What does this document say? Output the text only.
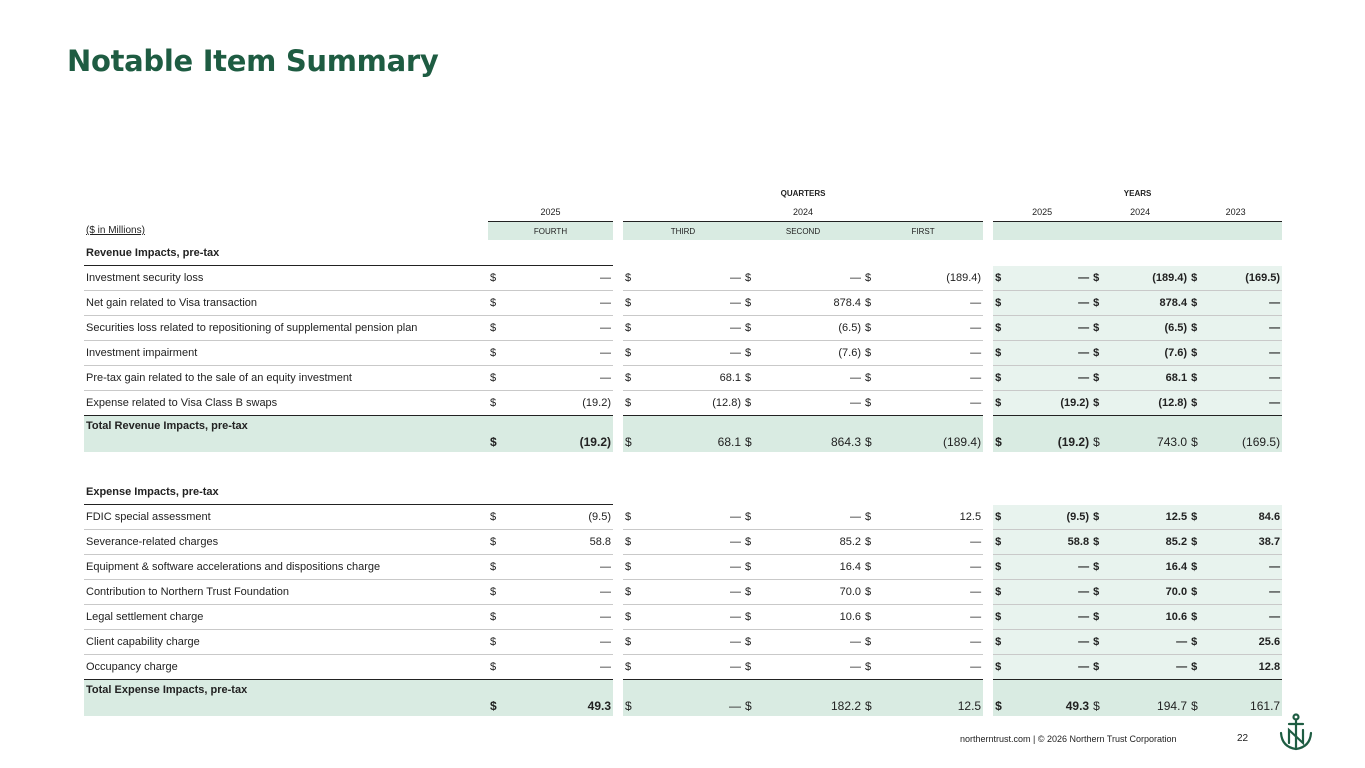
Notable Item Summary
				QUARTERS							YEARS					
	2025			2024							2025		2024		2023	
($ in Millions)	FOURTH			THIRD		SECOND		FIRST								
Revenue Impacts, pre-tax																
Investment security loss	$	—		$	—	$	—	$	(189.4)		$	—	$	(189.4)	$	(169.5)
Net gain related to Visa transaction	$	—		$	—	$	878.4	$	—		$	—	$	878.4	$	—
Securities loss related to repositioning of supplemental pension plan	$	—		$	—	$	(6.5)	$	—		$	—	$	(6.5)	$	—
Investment impairment	$	—		$	—	$	(7.6)	$	—		$	—	$	(7.6)	$	—
Pre-tax gain related to the sale of an equity investment	$	—		$	68.1	$	—	$	—		$	—	$	68.1	$	—
Expense related to Visa Class B swaps	$	(19.2)		$	(12.8)	$	—	$	—		$	(19.2)	$	(12.8)	$	—
Total Revenue Impacts, pre-tax	$	(19.2)		$	68.1	$	864.3	$	(189.4)		$	(19.2)	$	743.0	$	(169.5)

Expense Impacts, pre-tax																
FDIC special assessment	$	(9.5)		$	—	$	—	$	12.5		$	(9.5)	$	12.5	$	84.6
Severance-related charges	$	58.8		$	—	$	85.2	$	—		$	58.8	$	85.2	$	38.7
Equipment & software accelerations and dispositions charge	$	—		$	—	$	16.4	$	—		$	—	$	16.4	$	—
Contribution to Northern Trust Foundation	$	—		$	—	$	70.0	$	—		$	—	$	70.0	$	—
Legal settlement charge	$	—		$	—	$	10.6	$	—		$	—	$	10.6	$	—
Client capability charge	$	—		$	—	$	—	$	—		$	—	$	—	$	25.6
Occupancy charge	$	—		$	—	$	—	$	—		$	—	$	—	$	12.8
Total Expense Impacts, pre-tax	$	49.3		$	—	$	182.2	$	12.5		$	49.3	$	194.7	$	161.7
northerntrust.com | © 2026 Northern Trust Corporation	22
